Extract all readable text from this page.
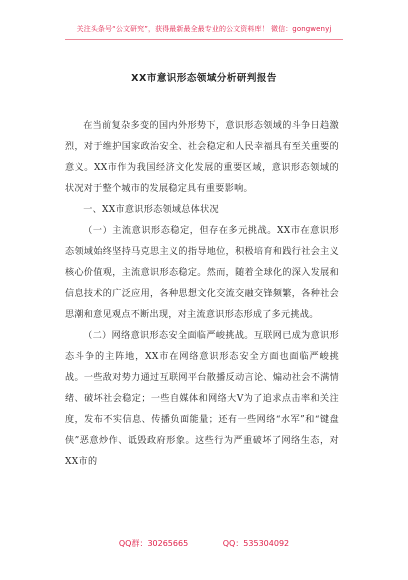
关注头条号“公文研究”，获得最新最全最专业的公文资料库！ 微信：gongwenyj
XX市意识形态领域分析研判报告

在当前复杂多变的国内外形势下，意识形态领域的斗争日趋激烈，对于维护国家政治安全、社会稳定和人民幸福具有至关重要的意义。XX市作为我国经济文化发展的重要区域，意识形态领域的状况对于整个城市的发展稳定具有重要影响。

一、XX市意识形态领域总体状况

（一）主流意识形态稳定，但存在多元挑战。XX市在意识形态领域始终坚持马克思主义的指导地位，积极培育和践行社会主义核心价值观，主流意识形态稳定。然而，随着全球化的深入发展和信息技术的广泛应用，各种思想文化交流交融交锋频繁，各种社会思潮和意见观点不断出现，对主流意识形态形成了多元挑战。

（二）网络意识形态安全面临严峻挑战。互联网已成为意识形态斗争的主阵地，XX市在网络意识形态安全方面也面临严峻挑战。一些敌对势力通过互联网平台散播反动言论、煽动社会不满情绪、破坏社会稳定；一些自媒体和网络大V为了追求点击率和关注度，发布不实信息、传播负面能量；还有一些网络“水军”和“键盘侠”恶意炒作、诋毁政府形象。这些行为严重破坏了网络生态，对XX市的

QQ群：30265665	QQ：535304092
